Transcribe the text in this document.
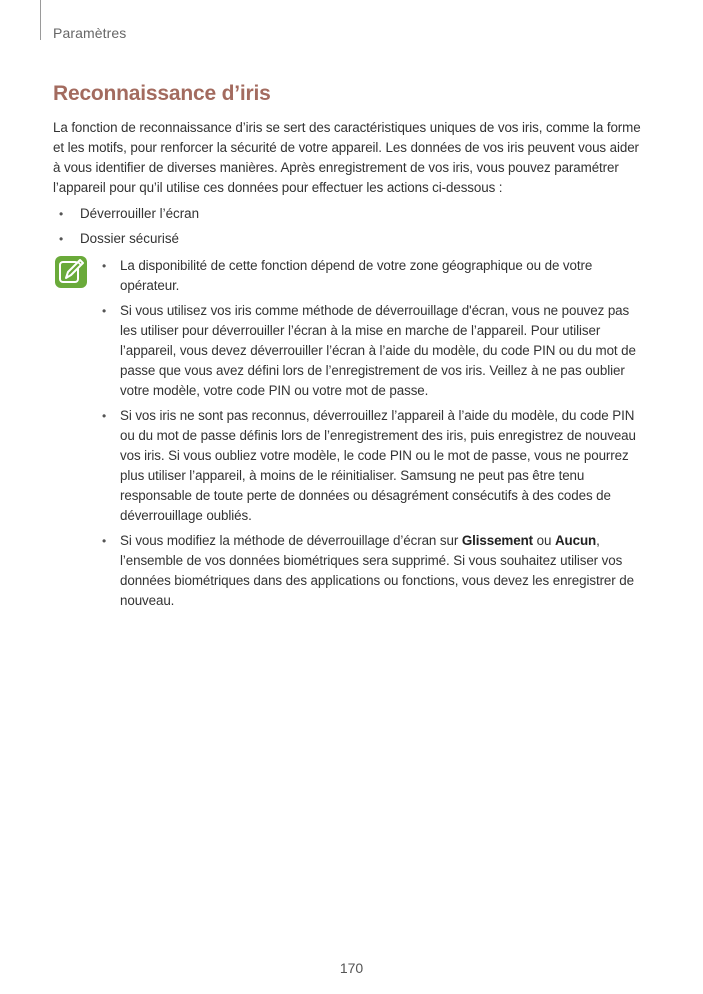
Paramètres
Reconnaissance d’iris

La fonction de reconnaissance d’iris se sert des caractéristiques uniques de vos iris, comme la forme et les motifs, pour renforcer la sécurité de votre appareil. Les données de vos iris peuvent vous aider à vous identifier de diverses manières. Après enregistrement de vos iris, vous pouvez paramétrer l’appareil pour qu’il utilise ces données pour effectuer les actions ci-dessous :

• Déverrouiller l’écran
• Dossier sécurisé
• La disponibilité de cette fonction dépend de votre zone géographique ou de votre opérateur.
• Si vous utilisez vos iris comme méthode de déverrouillage d'écran, vous ne pouvez pas les utiliser pour déverrouiller l’écran à la mise en marche de l’appareil. Pour utiliser l’appareil, vous devez déverrouiller l’écran à l’aide du modèle, du code PIN ou du mot de passe que vous avez défini lors de l’enregistrement de vos iris. Veillez à ne pas oublier votre modèle, votre code PIN ou votre mot de passe.
• Si vos iris ne sont pas reconnus, déverrouillez l’appareil à l’aide du modèle, du code PIN ou du mot de passe définis lors de l’enregistrement des iris, puis enregistrez de nouveau vos iris. Si vous oubliez votre modèle, le code PIN ou le mot de passe, vous ne pourrez plus utiliser l’appareil, à moins de le réinitialiser. Samsung ne peut pas être tenu responsable de toute perte de données ou désagrément consécutifs à des codes de déverrouillage oubliés.
• Si vous modifiez la méthode de déverrouillage d’écran sur Glissement ou Aucun, l’ensemble de vos données biométriques sera supprimé. Si vous souhaitez utiliser vos données biométriques dans des applications ou fonctions, vous devez les enregistrer de nouveau.
170
